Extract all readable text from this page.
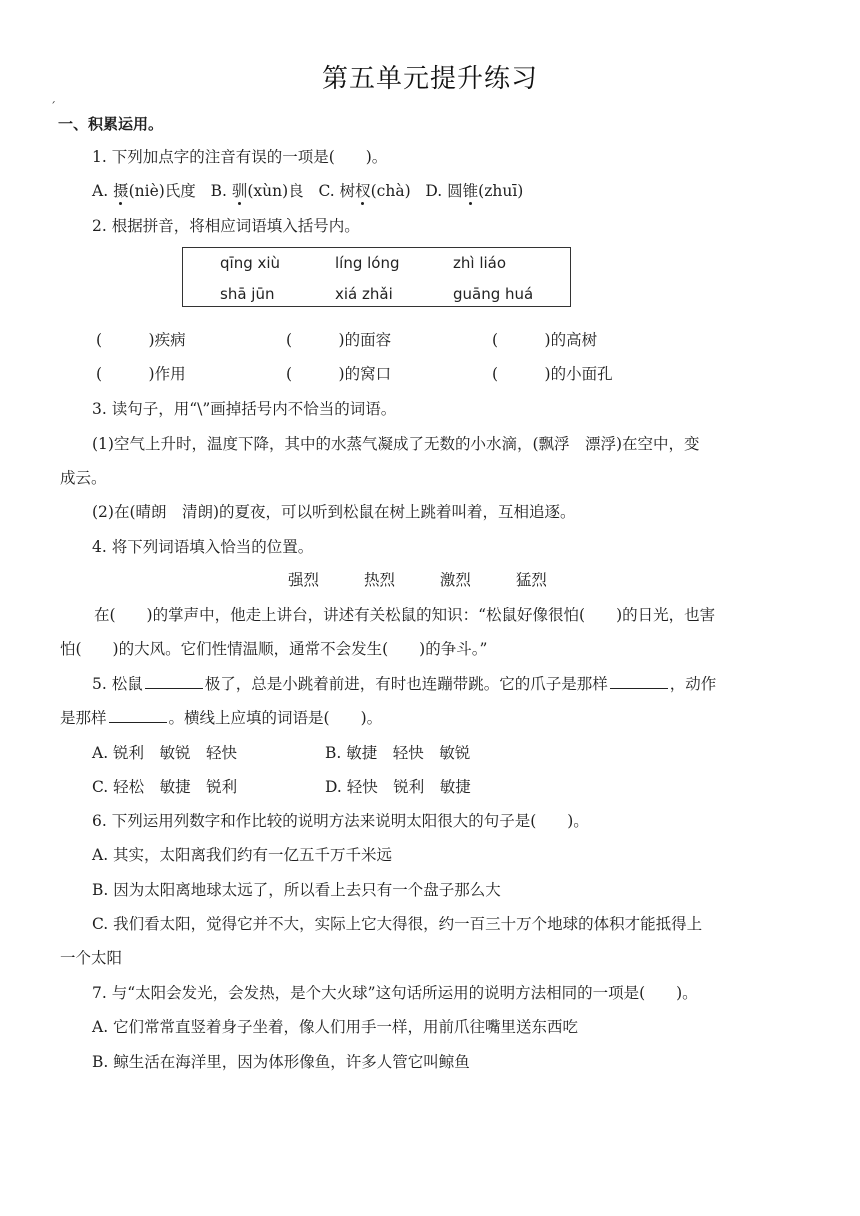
ˊ
第五单元提升练习
一、积累运用。
1. 下列加点字的注音有误的一项是(　　)。
A. 摄(niè)氏度 B. 驯(xùn)良 C. 树杈(chà) D. 圆锥(zhuī)
2. 根据拼音，将相应词语填入括号内。
qīng xiù	líng lóng	zhì liáo
shā jūn	xiá zhǎi	guāng huá
(　　　)疾病	(　　　)的面容	(　　　)的高树
(　　　)作用	(　　　)的窝口	(　　　)的小面孔
3. 读句子，用“\”画掉括号内不恰当的词语。
(1)空气上升时，温度下降，其中的水蒸气凝成了无数的小水滴，(飘浮　漂浮)在空中，变
成云。
(2)在(晴朗　清朗)的夏夜，可以听到松鼠在树上跳着叫着，互相追逐。
4. 将下列词语填入恰当的位置。
强烈	热烈	激烈	猛烈
在(　　)的掌声中，他走上讲台，讲述有关松鼠的知识：“松鼠好像很怕(　　)的日光，也害
怕(　　)的大风。它们性情温顺，通常不会发生(　　)的争斗。”
5. 松鼠	极了，总是小跳着前进，有时也连蹦带跳。它的爪子是那样	，动作
是那样	。横线上应填的词语是(　　)。
A. 锐利　敏锐　轻快	B. 敏捷　轻快　敏锐
C. 轻松　敏捷　锐利	D. 轻快　锐利　敏捷
6. 下列运用列数字和作比较的说明方法来说明太阳很大的句子是(　　)。
A. 其实，太阳离我们约有一亿五千万千米远
B. 因为太阳离地球太远了，所以看上去只有一个盘子那么大
C. 我们看太阳，觉得它并不大，实际上它大得很，约一百三十万个地球的体积才能抵得上
一个太阳
7. 与“太阳会发光，会发热，是个大火球”这句话所运用的说明方法相同的一项是(　　)。
A. 它们常常直竖着身子坐着，像人们用手一样，用前爪往嘴里送东西吃
B. 鲸生活在海洋里，因为体形像鱼，许多人管它叫鲸鱼
